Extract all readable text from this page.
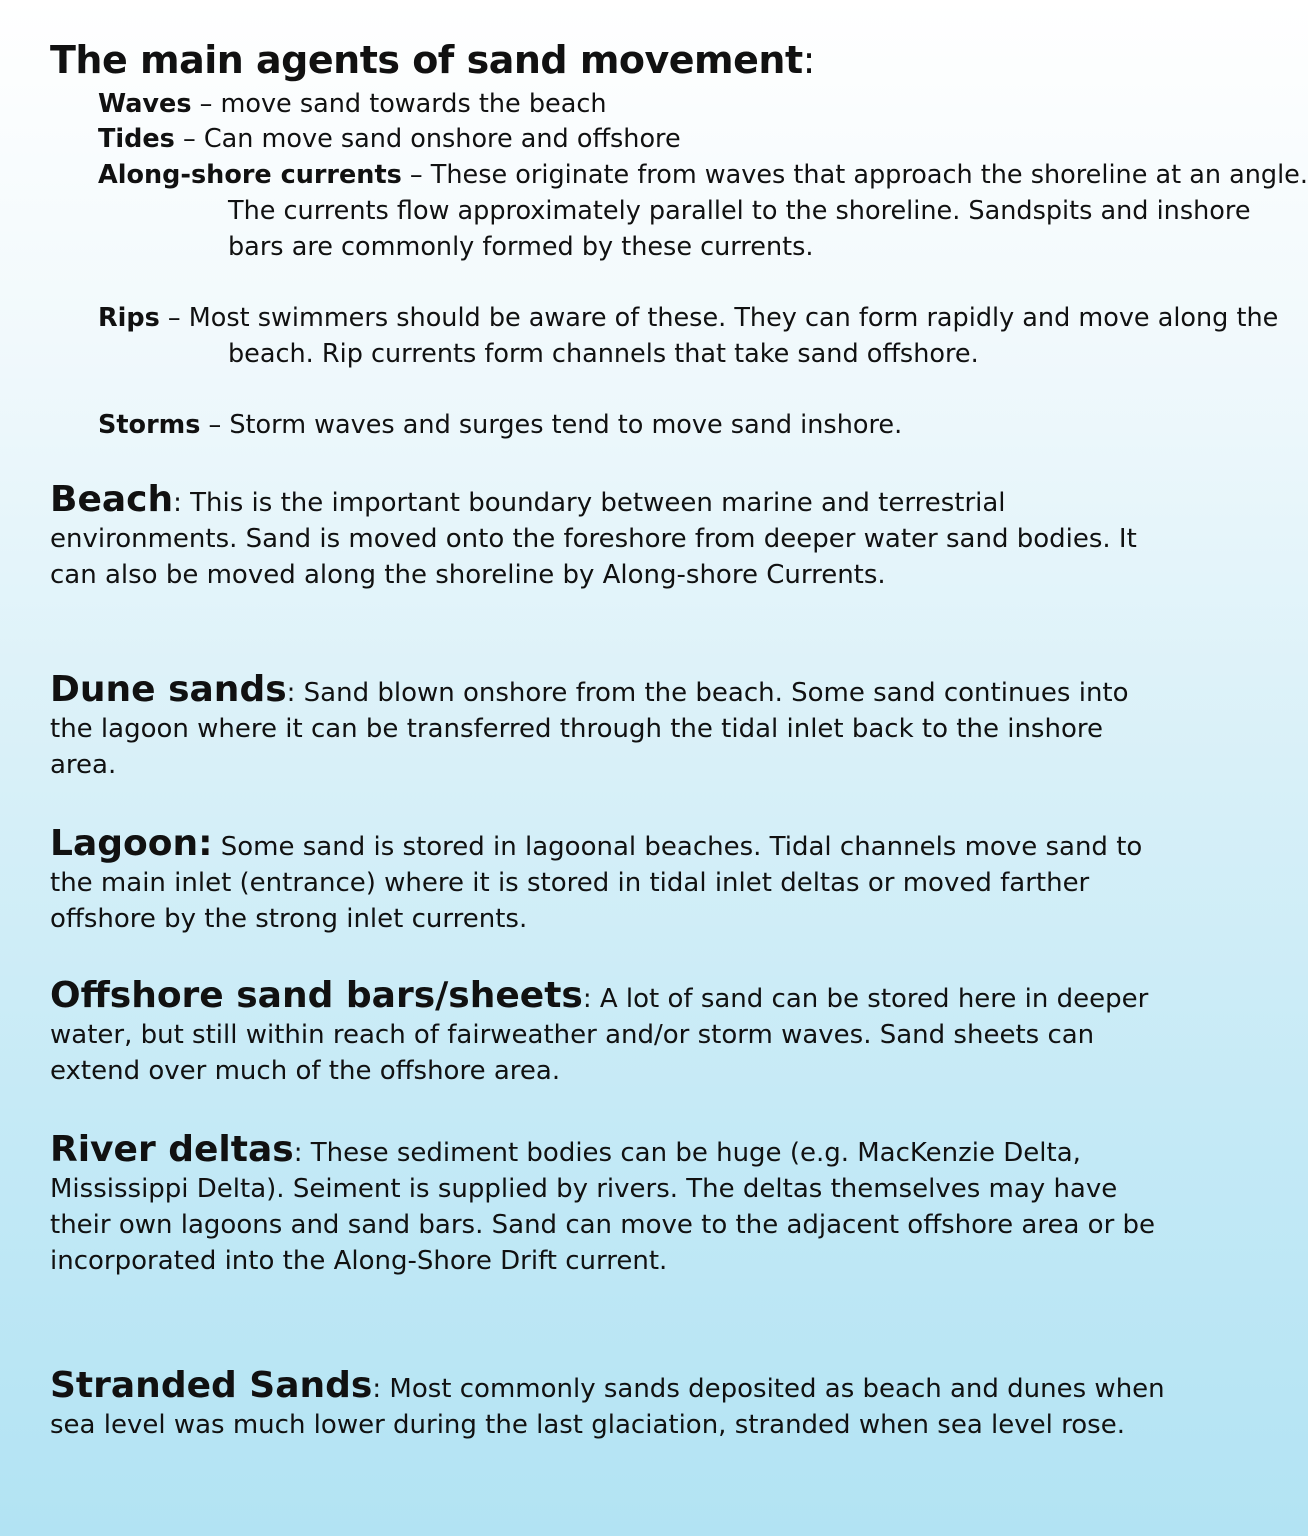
The main agents of sand movement:

Waves – move sand towards the beach

Tides – Can move sand onshore and offshore

Along-shore currents – These originate from waves that approach the shoreline at an angle. The currents flow approximately parallel to the shoreline. Sandspits and inshore bars are commonly formed by these currents.

Rips – Most swimmers should be aware of these. They can form rapidly and move along the beach. Rip currents form channels that take sand offshore.

Storms – Storm waves and surges tend to move sand inshore.

Beach: This is the important boundary between marine and terrestrial environments. Sand is moved onto the foreshore from deeper water sand bodies. It can also be moved along the shoreline by Along-shore Currents.

Dune sands: Sand blown onshore from the beach. Some sand continues into the lagoon where it can be transferred through the tidal inlet back to the inshore area.

Lagoon: Some sand is stored in lagoonal beaches. Tidal channels move sand to the main inlet (entrance) where it is stored in tidal inlet deltas or moved farther offshore by the strong inlet currents.

Offshore sand bars/sheets: A lot of sand can be stored here in deeper water, but still within reach of fairweather and/or storm waves. Sand sheets can extend over much of the offshore area.

River deltas: These sediment bodies can be huge (e.g. MacKenzie Delta, Mississippi Delta). Seiment is supplied by rivers. The deltas themselves may have their own lagoons and sand bars. Sand can move to the adjacent offshore area or be incorporated into the Along-Shore Drift current.

Stranded Sands: Most commonly sands deposited as beach and dunes when sea level was much lower during the last glaciation, stranded when sea level rose.
